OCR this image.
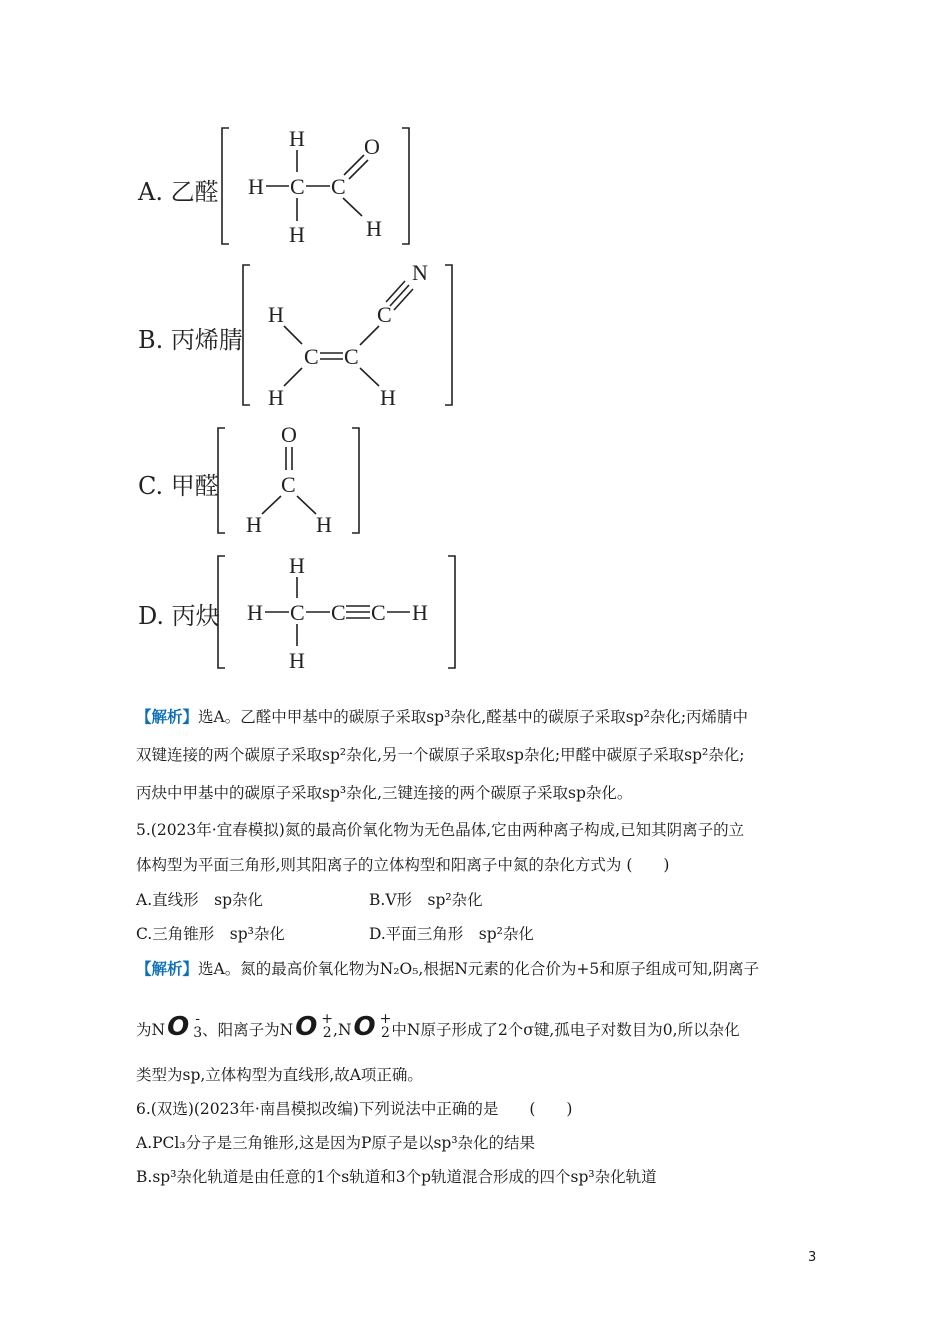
A. 乙醛
B. 丙烯腈
C. 甲醛
D. 丙炔
H
H C C
O
H	H
H
C C
C
N
H	H
O
C
H H
H
H C C C H
H
【解析】选A。乙醛中甲基中的碳原子采取sp³杂化,醛基中的碳原子采取sp²杂化;丙烯腈中
双键连接的两个碳原子采取sp²杂化,另一个碳原子采取sp杂化;甲醛中碳原子采取sp²杂化;
丙炔中甲基中的碳原子采取sp³杂化,三键连接的两个碳原子采取sp杂化。
5.(2023年·宜春模拟)氮的最高价氧化物为无色晶体,它由两种离子构成,已知其阴离子的立
体构型为平面三角形,则其阳离子的立体构型和阳离子中氮的杂化方式为 (　　)
A.直线形　sp杂化	B.V形　sp²杂化
C.三角锥形　sp³杂化	D.平面三角形　sp²杂化
【解析】选A。氮的最高价氧化物为N₂O₅,根据N元素的化合价为+5和原子组成可知,阴离子
为NO -
3 、阳离子为NO +
2 ,NO +
2 中N原子形成了2个σ键,孤电子对数目为0,所以杂化
类型为sp,立体构型为直线形,故A项正确。
6.(双选)(2023年·南昌模拟改编)下列说法中正确的是　　(　　)
A.PCl₃分子是三角锥形,这是因为P原子是以sp³杂化的结果
B.sp³杂化轨道是由任意的1个s轨道和3个p轨道混合形成的四个sp³杂化轨道
3
